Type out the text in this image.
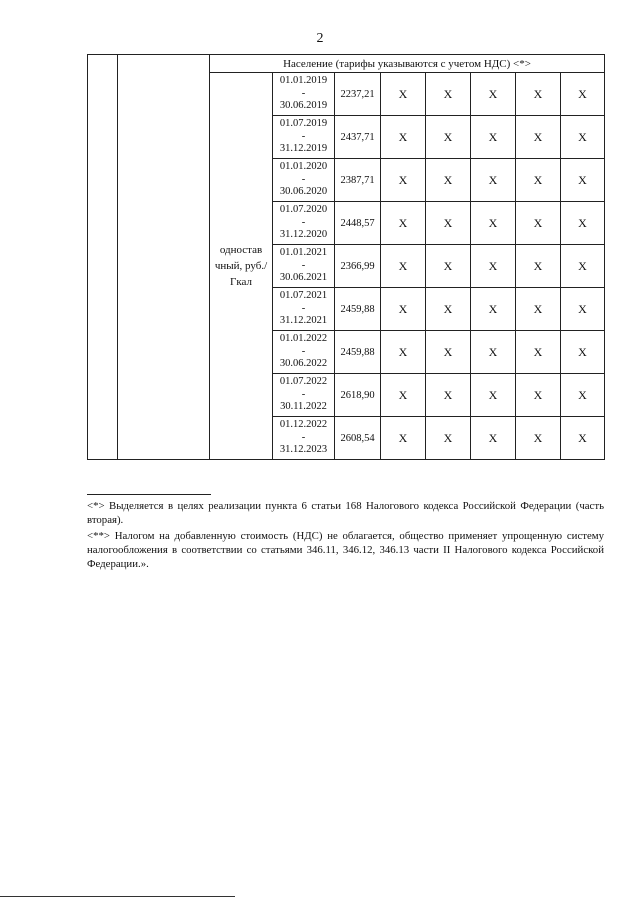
2
		Население (тарифы указываются с учетом НДС) <*>							
		одностав чный, руб./Гкал	01.01.2019
-
30.06.2019	2237,21	X	X	X	X	X

			01.07.2019
-
31.12.2019	2437,71	X	X	X	X	X

			01.01.2020
-
30.06.2020	2387,71	X	X	X	X	X

			01.07.2020
-
31.12.2020	2448,57	X	X	X	X	X

			01.01.2021
-
30.06.2021	2366,99	X	X	X	X	X

			01.07.2021
-
31.12.2021	2459,88	X	X	X	X	X

			01.01.2022
-
30.06.2022	2459,88	X	X	X	X	X

			01.07.2022
-
30.11.2022	2618,90	X	X	X	X	X

			01.12.2022
-
31.12.2023	2608,54	X	X	X	X	X

<*> Выделяется в целях реализации пункта 6 статьи 168 Налогового кодекса Российской Федерации (часть вторая).

<**> Налогом на добавленную стоимость (НДС) не облагается, общество применяет упрощенную систему налогообложения в соответствии со статьями 346.11, 346.12, 346.13 части II Налогового кодекса Российской Федерации.».
